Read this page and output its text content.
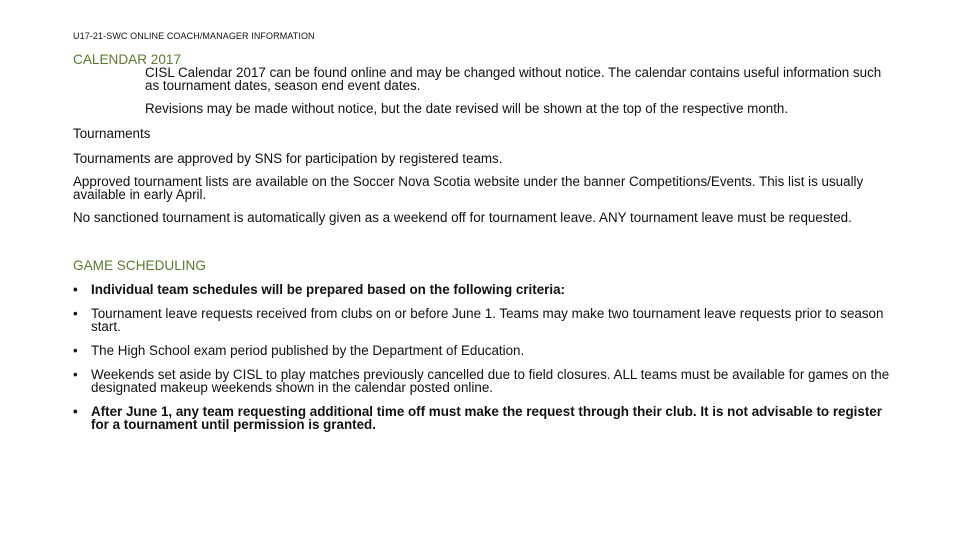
U17-21-SWC ONLINE COACH/MANAGER INFORMATION
CALENDAR 2017
CISL Calendar 2017 can be found online and may be changed without notice. The calendar contains useful information such as tournament dates, season end event dates.
Revisions may be made without notice, but the date revised will be shown at the top of the respective month.
Tournaments
Tournaments are approved by SNS for participation by registered teams.
Approved tournament lists are available on the Soccer Nova Scotia website under the banner Competitions/Events. This list is usually available in early April.
No sanctioned tournament is automatically given as a weekend off for tournament leave. ANY tournament leave must be requested.
GAME SCHEDULING
• Individual team schedules will be prepared based on the following criteria:
• Tournament leave requests received from clubs on or before June 1. Teams may make two tournament leave requests prior to season start.
• The High School exam period published by the Department of Education.
• Weekends set aside by CISL to play matches previously cancelled due to field closures. ALL teams must be available for games on the designated makeup weekends shown in the calendar posted online.
• After June 1, any team requesting additional time off must make the request through their club. It is not advisable to register for a tournament until permission is granted.
